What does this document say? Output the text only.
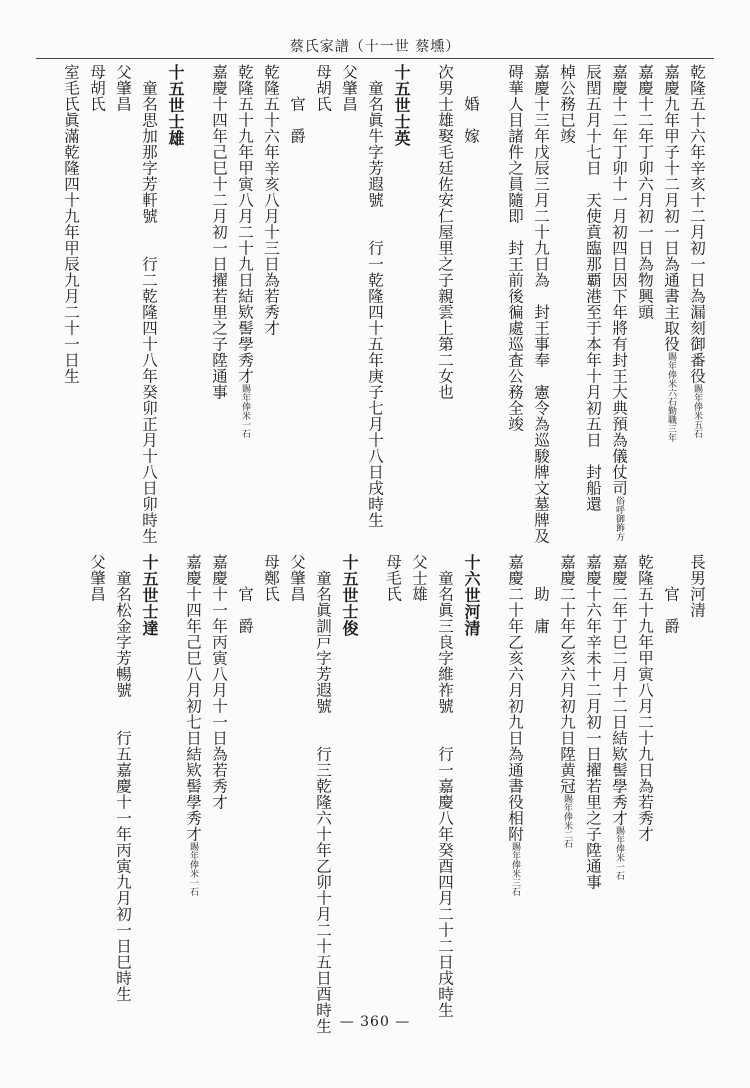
蔡氏家譜（十一世 蔡壎）
乾隆五十六年辛亥十二月初一日為漏刻御番役賜年俸米五石
嘉慶九年甲子十二月初一日為通書主取役賜年俸米六石勤職三年
嘉慶十二年丁卯六月初一日為物興頭
嘉慶十二年丁卯十一月初四日因下年將有封王大典預為儀仗司俗呼御飾方
辰閏五月十七日　天使賁臨那覇港至于本年十月初五日　封船還
棹公務已竣
嘉慶十三年戊辰三月二十九日為　封王事奉　憲令為巡駿牌文墓牌及
碍華人目諸件之員隨即　封王前後徧處巡査公務全竣
　　婚　嫁
次男士雄娶毛廷佐安仁屋里之子親雲上第二女也
十五世士英
　童名眞牛字芳遐號　　行一乾隆四十五年庚子七月十八日戌時生
父肇昌
母胡氏
　　官　爵
乾隆五十六年辛亥八月十三日為若秀才
乾隆五十九年甲寅八月二十九日結欵髻學秀才賜年俸米一石
嘉慶十四年己巳十二月初一日擢若里之子陞通事
十五世士雄
　童名思加那字芳軒號　　行二乾隆四十八年癸卯正月十八日卯時生
父肇昌
母胡氏
室毛氏眞滿乾隆四十九年甲辰九月二十一日生
長男河清
　　官　爵
乾隆五十九年甲寅八月二十九日為若秀才
嘉慶二年丁巳二月十二日結欵髻學秀才賜年俸米一石
嘉慶十六年辛未十二月初一日擢若里之子陞通事
嘉慶二十年乙亥六月初九日陞黄冠賜年俸米二石
　　助　庸
嘉慶二十年乙亥六月初九日為通書役相附賜年俸米三石
十六世河清
　童名眞三良字維祚號　　行一嘉慶八年癸酉四月二十二日戌時生
父士雄
母毛氏
十五世士俊
　童名眞訓戸字芳遐號　　行三乾隆六十年乙卯十月二十五日酉時生
父肇昌
母鄭氏
　　官　爵
嘉慶十一年丙寅八月十一日為若秀才
嘉慶十四年己巳八月初七日結欵髻學秀才賜年俸米一石
十五世士達
　童名松金字芳暢號　　行五嘉慶十一年丙寅九月初一日巳時生
父肇昌
— 360 —
